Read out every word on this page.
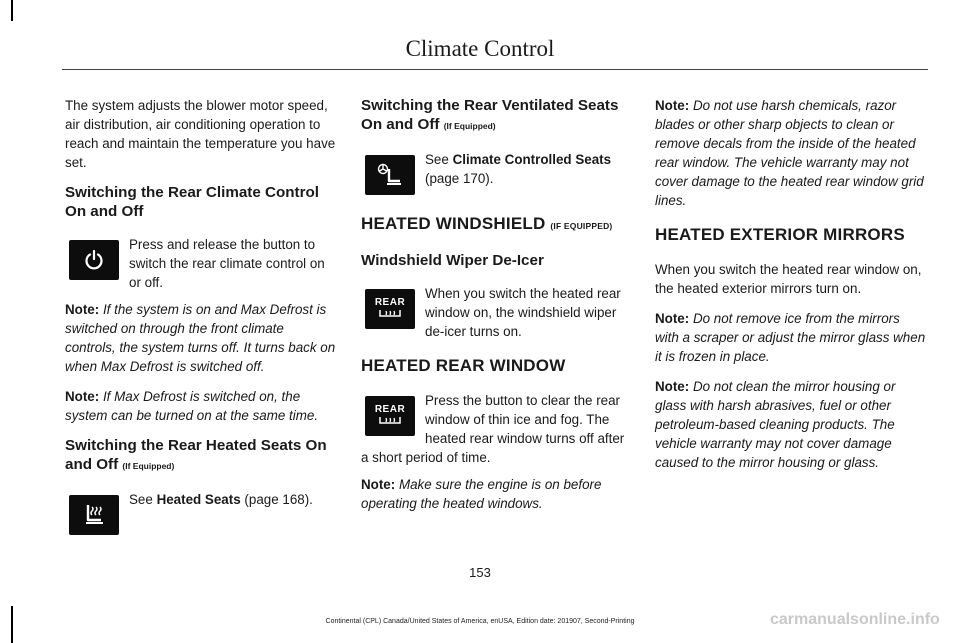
Climate Control

The system adjusts the blower motor speed, air distribution, air conditioning operation to reach and maintain the temperature you have set.

Switching the Rear Climate Control On and Off

Press and release the button to switch the rear climate control on or off.

Note: If the system is on and Max Defrost is switched on through the front climate controls, the system turns off. It turns back on when Max Defrost is switched off.

Note: If Max Defrost is switched on, the system can be turned on at the same time.

Switching the Rear Heated Seats On and Off (If Equipped)

See Heated Seats (page 168).

Switching the Rear Ventilated Seats On and Off (If Equipped)

See Climate Controlled Seats (page 170).

HEATED WINDSHIELD (IF EQUIPPED)
Windshield Wiper De-Icer
REAR

When you switch the heated rear window on, the windshield wiper de-icer turns on.

HEATED REAR WINDOW
REAR

Press the button to clear the rear window of thin ice and fog. The heated rear window turns off after a short period of time.

Note: Make sure the engine is on before operating the heated windows.

Note: Do not use harsh chemicals, razor blades or other sharp objects to clean or remove decals from the inside of the heated rear window. The vehicle warranty may not cover damage to the heated rear window grid lines.

HEATED EXTERIOR MIRRORS

When you switch the heated rear window on, the heated exterior mirrors turn on.

Note: Do not remove ice from the mirrors with a scraper or adjust the mirror glass when it is frozen in place.

Note: Do not clean the mirror housing or glass with harsh abrasives, fuel or other petroleum-based cleaning products. The vehicle warranty may not cover damage caused to the mirror housing or glass.

153
Continental (CPL) Canada/United States of America, enUSA, Edition date: 201907, Second-Printing	carmanualsonline.info
